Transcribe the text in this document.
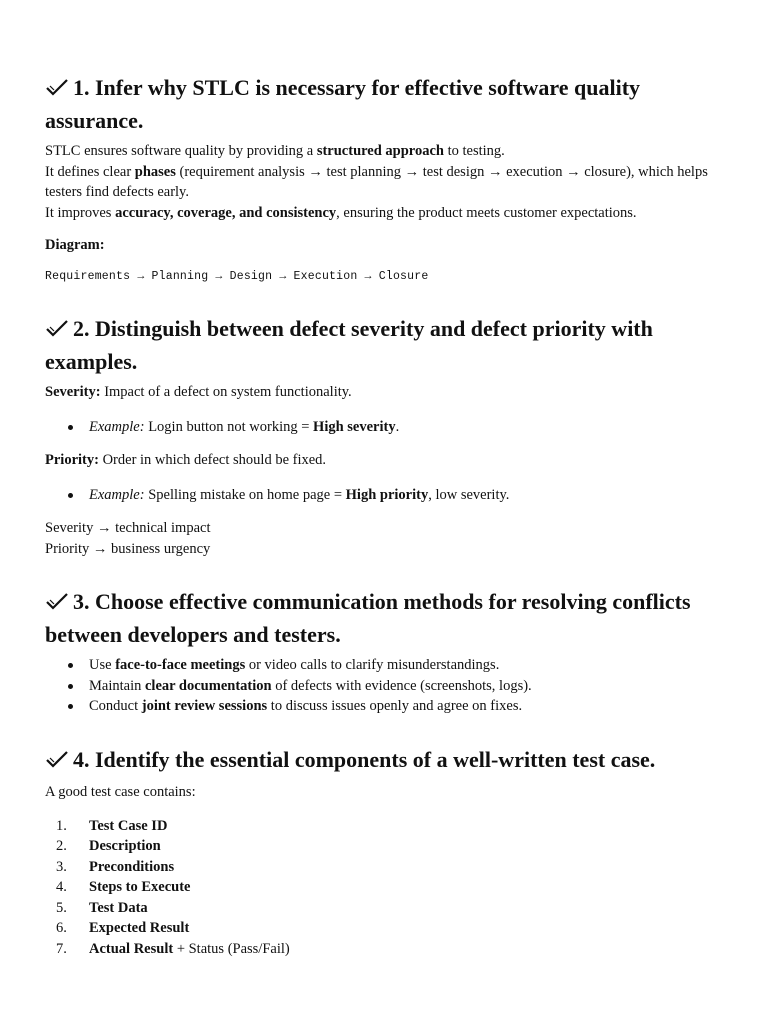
1. Infer why STLC is necessary for effective software quality assurance.

STLC ensures software quality by providing a structured approach to testing.

It defines clear phases (requirement analysis → test planning → test design → execution → closure), which helps testers find defects early.

It improves accuracy, coverage, and consistency, ensuring the product meets customer expectations.

Diagram:

Requirements → Planning → Design → Execution → Closure

2. Distinguish between defect severity and defect priority with examples.

Severity: Impact of a defect on system functionality.

Example: Login button not working = High severity.

Priority: Order in which defect should be fixed.

Example: Spelling mistake on home page = High priority, low severity.

Severity → technical impact

Priority → business urgency

3. Choose effective communication methods for resolving conflicts between developers and testers.
Use face-to-face meetings or video calls to clarify misunderstandings.
Maintain clear documentation of defects with evidence (screenshots, logs).
Conduct joint review sessions to discuss issues openly and agree on fixes.
4. Identify the essential components of a well-written test case.

A good test case contains:

1.	Test Case ID
2.	Description
3.	Preconditions
4.	Steps to Execute
5.	Test Data
6.	Expected Result
7.	Actual Result + Status (Pass/Fail)
